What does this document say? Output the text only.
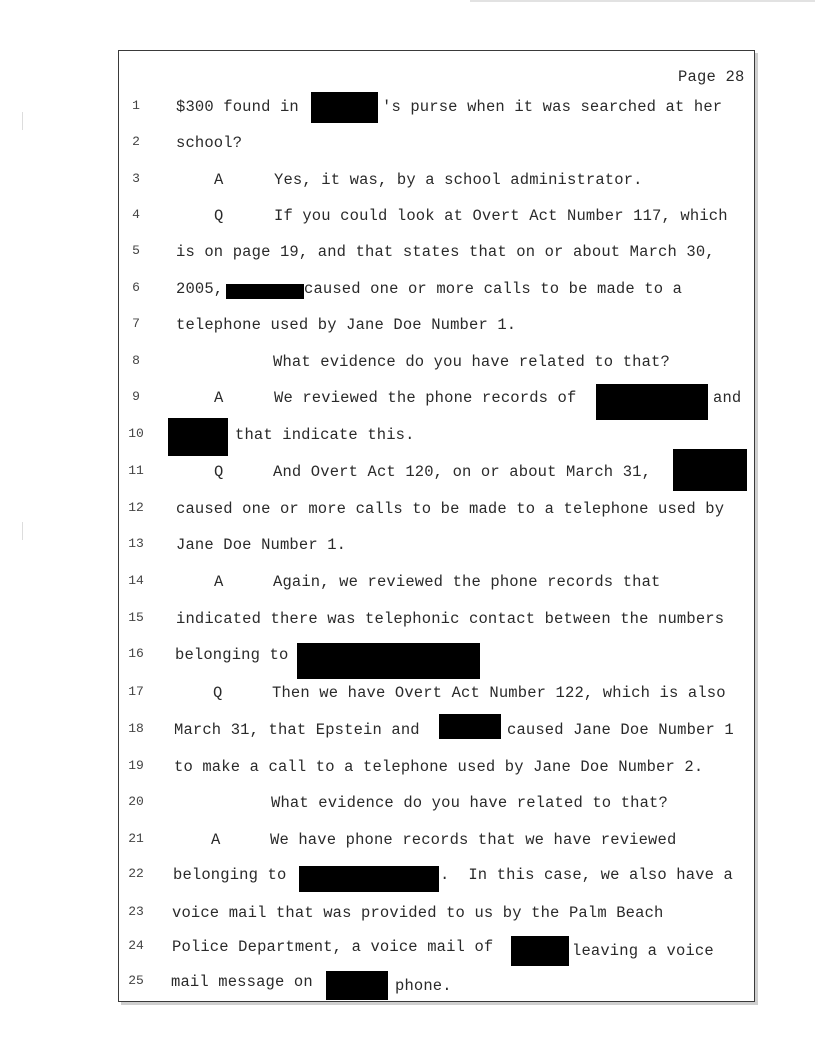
Page 28
1	$300 found in	's purse when it was searched at her
2	school?
3	A	Yes, it was, by a school administrator.
4	Q	If you could look at Overt Act Number 117, which
5	is on page 19, and that states that on or about March 30,
6	2005,	caused one or more calls to be made to a
7	telephone used by Jane Doe Number 1.
8	What evidence do you have related to that?
9	A	We reviewed the phone records of	and
10	that indicate this.
11	Q	And Overt Act 120, on or about March 31,
12	caused one or more calls to be made to a telephone used by
13	Jane Doe Number 1.
14	A	Again, we reviewed the phone records that
15	indicated there was telephonic contact between the numbers
16	belonging to
17	Q	Then we have Overt Act Number 122, which is also
18	March 31, that Epstein and	caused Jane Doe Number 1
19	to make a call to a telephone used by Jane Doe Number 2.
20	What evidence do you have related to that?
21	A	We have phone records that we have reviewed
22	belonging to	.  In this case, we also have a
23	voice mail that was provided to us by the Palm Beach
24	Police Department, a voice mail of	leaving a voice
25	mail message on	phone.
